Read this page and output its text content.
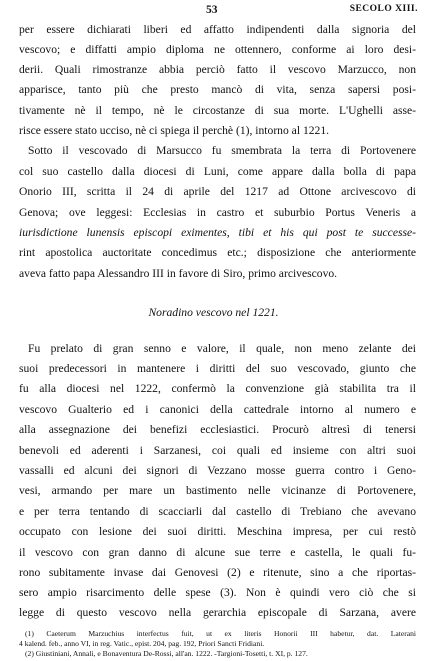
53	SECOLO XIII.
per essere dichiarati liberi ed affatto indipendenti dalla signoria del
vescovo; e diffatti ampio diploma ne ottennero, conforme ai loro desi-
derii. Quali rimostranze abbia perciò fatto il vescovo Marzucco, non
apparisce, tanto più che presto mancò di vita, senza sapersi posi-
tivamente nè il tempo, nè le circostanze di sua morte. L'Ughelli asse-
risce essere stato ucciso, nè ci spiega il perchè (1), intorno al 1221.
Sotto il vescovado di Marsucco fu smembrata la terra di Portovenere
col suo castello dalla diocesi di Luni, come appare dalla bolla di papa
Onorio III, scritta il 24 di aprile del 1217 ad Ottone arcivescovo di
Genova; ove leggesi: Ecclesias in castro et suburbio Portus Veneris a
iurisdictione lunensis episcopi eximentes, tibi et his qui post te successe-
rint apostolica auctoritate concedimus etc.; disposizione che anteriormente
aveva fatto papa Alessandro III in favore di Siro, primo arcivescovo.
Noradino vescovo nel 1221.
Fu prelato di gran senno e valore, il quale, non meno zelante dei
suoi predecessori in mantenere i diritti del suo vescovado, giunto che
fu alla diocesi nel 1222, confermò la convenzione già stabilita tra il
vescovo Gualterio ed i canonici della cattedrale intorno al numero e
alla assegnazione dei benefizi ecclesiastici. Procurò altresì di tenersi
benevoli ed aderenti i Sarzanesi, coi quali ed insieme con altri suoi
vassalli ed alcuni dei signori di Vezzano mosse guerra contro i Geno-
vesi, armando per mare un bastimento nelle vicinanze di Portovenere,
e per terra tentando di scacciarli dal castello di Trebiano che avevano
occupato con lesione dei suoi diritti. Meschina impresa, per cui restò
il vescovo con gran danno di alcune sue terre e castella, le quali fu-
rono subitamente invase dai Genovesi (2) e ritenute, sino a che riportas-
sero ampio risarcimento delle spese (3). Non è quindi vero ciò che si
legge di questo vescovo nella gerarchia episcopale di Sarzana, avere
(1) Caeterum Marzuchius interfectus fuit, ut ex literis Honorii III habetur, dat. Laterani
4 kalend. feb., anno VI, in reg. Vatic., epist. 204, pag. 192, Priori Sancti Fridiani.
(2) Giustiniani, Annali, e Bonaventura De-Rossi, all'an. 1222. -Targioni-Tosetti, t. XI, p. 127.
